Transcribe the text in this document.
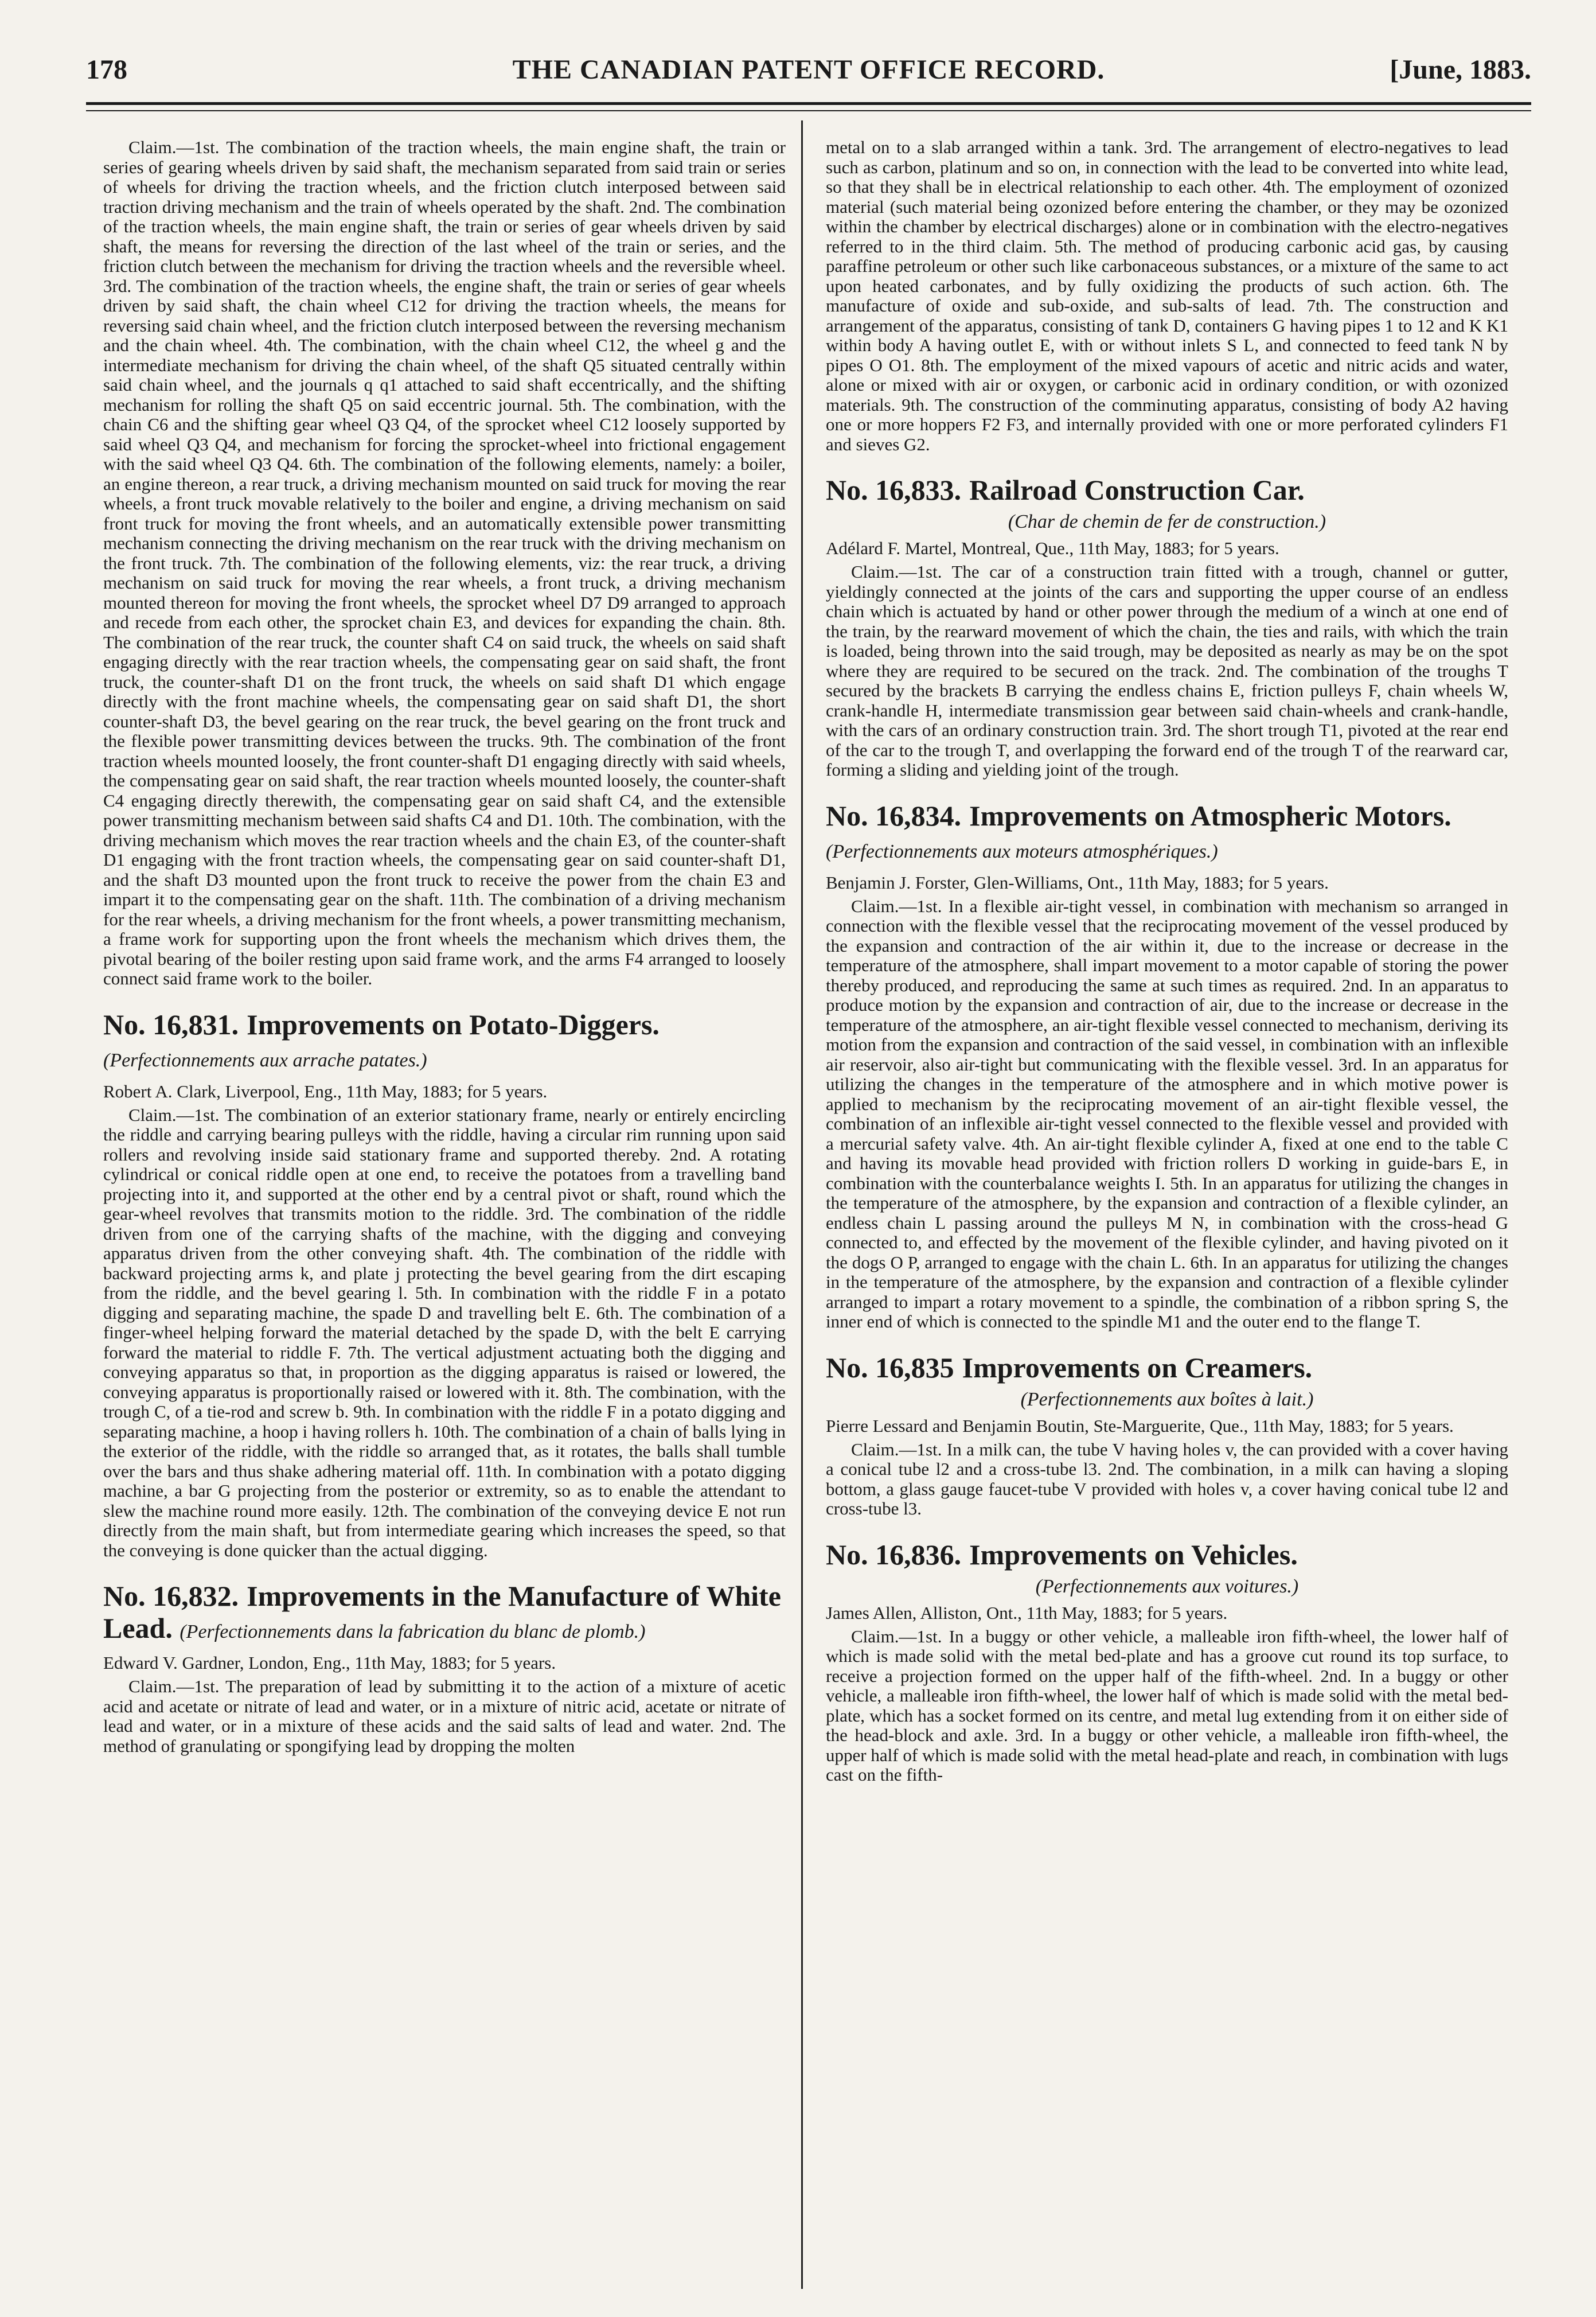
THE CANADIAN PATENT OFFICE RECORD.
178	[June, 1883.

Claim.—1st. The combination of the traction wheels, the main engine shaft, the train or series of gearing wheels driven by said shaft, the mechanism separated from said train or series of wheels for driving the traction wheels, and the friction clutch interposed between said traction driving mechanism and the train of wheels operated by the shaft. 2nd. The combination of the traction wheels, the main engine shaft, the train or series of gear wheels driven by said shaft, the means for reversing the direction of the last wheel of the train or series, and the friction clutch between the mechanism for driving the traction wheels and the reversible wheel. 3rd. The combination of the traction wheels, the engine shaft, the train or series of gear wheels driven by said shaft, the chain wheel C12 for driving the traction wheels, the means for reversing said chain wheel, and the friction clutch interposed between the reversing mechanism and the chain wheel. 4th. The combination, with the chain wheel C12, the wheel g and the intermediate mechanism for driving the chain wheel, of the shaft Q5 situated centrally within said chain wheel, and the journals q q1 attached to said shaft eccentrically, and the shifting mechanism for rolling the shaft Q5 on said eccentric journal. 5th. The combination, with the chain C6 and the shifting gear wheel Q3 Q4, of the sprocket wheel C12 loosely supported by said wheel Q3 Q4, and mechanism for forcing the sprocket-wheel into frictional engagement with the said wheel Q3 Q4. 6th. The combination of the following elements, namely: a boiler, an engine thereon, a rear truck, a driving mechanism mounted on said truck for moving the rear wheels, a front truck movable relatively to the boiler and engine, a driving mechanism on said front truck for moving the front wheels, and an automatically extensible power transmitting mechanism connecting the driving mechanism on the rear truck with the driving mechanism on the front truck. 7th. The combination of the following elements, viz: the rear truck, a driving mechanism on said truck for moving the rear wheels, a front truck, a driving mechanism mounted thereon for moving the front wheels, the sprocket wheel D7 D9 arranged to approach and recede from each other, the sprocket chain E3, and devices for expanding the chain. 8th. The combination of the rear truck, the counter shaft C4 on said truck, the wheels on said shaft engaging directly with the rear traction wheels, the compensating gear on said shaft, the front truck, the counter-shaft D1 on the front truck, the wheels on said shaft D1 which engage directly with the front machine wheels, the compensating gear on said shaft D1, the short counter-shaft D3, the bevel gearing on the rear truck, the bevel gearing on the front truck and the flexible power transmitting devices between the trucks. 9th. The combination of the front traction wheels mounted loosely, the front counter-shaft D1 engaging directly with said wheels, the compensating gear on said shaft, the rear traction wheels mounted loosely, the counter-shaft C4 engaging directly therewith, the compensating gear on said shaft C4, and the extensible power transmitting mechanism between said shafts C4 and D1. 10th. The combination, with the driving mechanism which moves the rear traction wheels and the chain E3, of the counter-shaft D1 engaging with the front traction wheels, the compensating gear on said counter-shaft D1, and the shaft D3 mounted upon the front truck to receive the power from the chain E3 and impart it to the compensating gear on the shaft. 11th. The combination of a driving mechanism for the rear wheels, a driving mechanism for the front wheels, a power transmitting mechanism, a frame work for supporting upon the front wheels the mechanism which drives them, the pivotal bearing of the boiler resting upon said frame work, and the arms F4 arranged to loosely connect said frame work to the boiler.

No. 16,831. Improvements on Potato-Diggers. (Perfectionnements aux arrache patates.)
Robert A. Clark, Liverpool, Eng., 11th May, 1883; for 5 years.

Claim.—1st. The combination of an exterior stationary frame, nearly or entirely encircling the riddle and carrying bearing pulleys with the riddle, having a circular rim running upon said rollers and revolving inside said stationary frame and supported thereby. 2nd. A rotating cylindrical or conical riddle open at one end, to receive the potatoes from a travelling band projecting into it, and supported at the other end by a central pivot or shaft, round which the gear-wheel revolves that transmits motion to the riddle. 3rd. The combination of the riddle driven from one of the carrying shafts of the machine, with the digging and conveying apparatus driven from the other conveying shaft. 4th. The combination of the riddle with backward projecting arms k, and plate j protecting the bevel gearing from the dirt escaping from the riddle, and the bevel gearing l. 5th. In combination with the riddle F in a potato digging and separating machine, the spade D and travelling belt E. 6th. The combination of a finger-wheel helping forward the material detached by the spade D, with the belt E carrying forward the material to riddle F. 7th. The vertical adjustment actuating both the digging and conveying apparatus so that, in proportion as the digging apparatus is raised or lowered, the conveying apparatus is proportionally raised or lowered with it. 8th. The combination, with the trough C, of a tie-rod and screw b. 9th. In combination with the riddle F in a potato digging and separating machine, a hoop i having rollers h. 10th. The combination of a chain of balls lying in the exterior of the riddle, with the riddle so arranged that, as it rotates, the balls shall tumble over the bars and thus shake adhering material off. 11th. In combination with a potato digging machine, a bar G projecting from the posterior or extremity, so as to enable the attendant to slew the machine round more easily. 12th. The combination of the conveying device E not run directly from the main shaft, but from intermediate gearing which increases the speed, so that the conveying is done quicker than the actual digging.

No. 16,832. Improvements in the Manufacture of White Lead. (Perfectionnements dans la fabrication du blanc de plomb.)
Edward V. Gardner, London, Eng., 11th May, 1883; for 5 years.

Claim.—1st. The preparation of lead by submitting it to the action of a mixture of acetic acid and acetate or nitrate of lead and water, or in a mixture of nitric acid, acetate or nitrate of lead and water, or in a mixture of these acids and the said salts of lead and water. 2nd. The method of granulating or spongifying lead by dropping the molten

metal on to a slab arranged within a tank. 3rd. The arrangement of electro-negatives to lead such as carbon, platinum and so on, in connection with the lead to be converted into white lead, so that they shall be in electrical relationship to each other. 4th. The employment of ozonized material (such material being ozonized before entering the chamber, or they may be ozonized within the chamber by electrical discharges) alone or in combination with the electro-negatives referred to in the third claim. 5th. The method of producing carbonic acid gas, by causing paraffine petroleum or other such like carbonaceous substances, or a mixture of the same to act upon heated carbonates, and by fully oxidizing the products of such action. 6th. The manufacture of oxide and sub-oxide, and sub-salts of lead. 7th. The construction and arrangement of the apparatus, consisting of tank D, containers G having pipes 1 to 12 and K K1 within body A having outlet E, with or without inlets S L, and connected to feed tank N by pipes O O1. 8th. The employment of the mixed vapours of acetic and nitric acids and water, alone or mixed with air or oxygen, or carbonic acid in ordinary condition, or with ozonized materials. 9th. The construction of the comminuting apparatus, consisting of body A2 having one or more hoppers F2 F3, and internally provided with one or more perforated cylinders F1 and sieves G2.

No. 16,833. Railroad Construction Car.
(Char de chemin de fer de construction.)
Adélard F. Martel, Montreal, Que., 11th May, 1883; for 5 years.

Claim.—1st. The car of a construction train fitted with a trough, channel or gutter, yieldingly connected at the joints of the cars and supporting the upper course of an endless chain which is actuated by hand or other power through the medium of a winch at one end of the train, by the rearward movement of which the chain, the ties and rails, with which the train is loaded, being thrown into the said trough, may be deposited as nearly as may be on the spot where they are required to be secured on the track. 2nd. The combination of the troughs T secured by the brackets B carrying the endless chains E, friction pulleys F, chain wheels W, crank-handle H, intermediate transmission gear between said chain-wheels and crank-handle, with the cars of an ordinary construction train. 3rd. The short trough T1, pivoted at the rear end of the car to the trough T, and overlapping the forward end of the trough T of the rearward car, forming a sliding and yielding joint of the trough.

No. 16,834. Improvements on Atmospheric Motors. (Perfectionnements aux moteurs atmosphériques.)
Benjamin J. Forster, Glen-Williams, Ont., 11th May, 1883; for 5 years.

Claim.—1st. In a flexible air-tight vessel, in combination with mechanism so arranged in connection with the flexible vessel that the reciprocating movement of the vessel produced by the expansion and contraction of the air within it, due to the increase or decrease in the temperature of the atmosphere, shall impart movement to a motor capable of storing the power thereby produced, and reproducing the same at such times as required. 2nd. In an apparatus to produce motion by the expansion and contraction of air, due to the increase or decrease in the temperature of the atmosphere, an air-tight flexible vessel connected to mechanism, deriving its motion from the expansion and contraction of the said vessel, in combination with an inflexible air reservoir, also air-tight but communicating with the flexible vessel. 3rd. In an apparatus for utilizing the changes in the temperature of the atmosphere and in which motive power is applied to mechanism by the reciprocating movement of an air-tight flexible vessel, the combination of an inflexible air-tight vessel connected to the flexible vessel and provided with a mercurial safety valve. 4th. An air-tight flexible cylinder A, fixed at one end to the table C and having its movable head provided with friction rollers D working in guide-bars E, in combination with the counterbalance weights I. 5th. In an apparatus for utilizing the changes in the temperature of the atmosphere, by the expansion and contraction of a flexible cylinder, an endless chain L passing around the pulleys M N, in combination with the cross-head G connected to, and effected by the movement of the flexible cylinder, and having pivoted on it the dogs O P, arranged to engage with the chain L. 6th. In an apparatus for utilizing the changes in the temperature of the atmosphere, by the expansion and contraction of a flexible cylinder arranged to impart a rotary movement to a spindle, the combination of a ribbon spring S, the inner end of which is connected to the spindle M1 and the outer end to the flange T.

No. 16,835 Improvements on Creamers.
(Perfectionnements aux boîtes à lait.)
Pierre Lessard and Benjamin Boutin, Ste-Marguerite, Que., 11th May, 1883; for 5 years.

Claim.—1st. In a milk can, the tube V having holes v, the can provided with a cover having a conical tube l2 and a cross-tube l3. 2nd. The combination, in a milk can having a sloping bottom, a glass gauge faucet-tube V provided with holes v, a cover having conical tube l2 and cross-tube l3.

No. 16,836. Improvements on Vehicles.
(Perfectionnements aux voitures.)
James Allen, Alliston, Ont., 11th May, 1883; for 5 years.

Claim.—1st. In a buggy or other vehicle, a malleable iron fifth-wheel, the lower half of which is made solid with the metal bed-plate and has a groove cut round its top surface, to receive a projection formed on the upper half of the fifth-wheel. 2nd. In a buggy or other vehicle, a malleable iron fifth-wheel, the lower half of which is made solid with the metal bed-plate, which has a socket formed on its centre, and metal lug extending from it on either side of the head-block and axle. 3rd. In a buggy or other vehicle, a malleable iron fifth-wheel, the upper half of which is made solid with the metal head-plate and reach, in combination with lugs cast on the fifth-
